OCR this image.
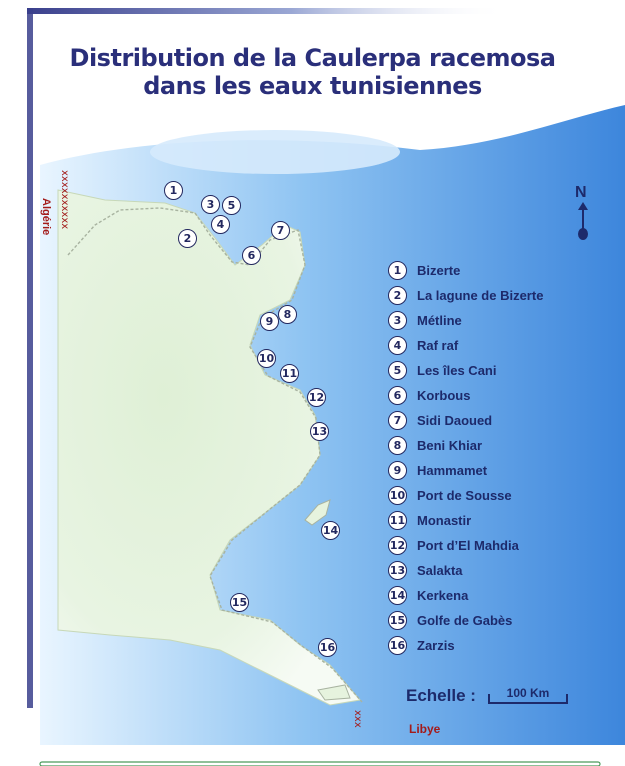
xxxxxxxxxx
xxx
Distribution de la Caulerpa racemosa
dans les eaux tunisiennes
Algérie
Libye
N
1
2
3
4
5
6
7
8
9
10
11
12
13
14
15
16
1	Bizerte
2	La lagune de Bizerte
3	Métline
4	Raf raf
5	Les îles Cani
6	Korbous
7	Sidi Daoued
8	Beni Khiar
9	Hammamet
10 Port de Sousse
11 Monastir
12 Port d’El Mahdia
13 Salakta
14 Kerkena
15 Golfe de Gabès
16 Zarzis
Echelle :	100 Km
